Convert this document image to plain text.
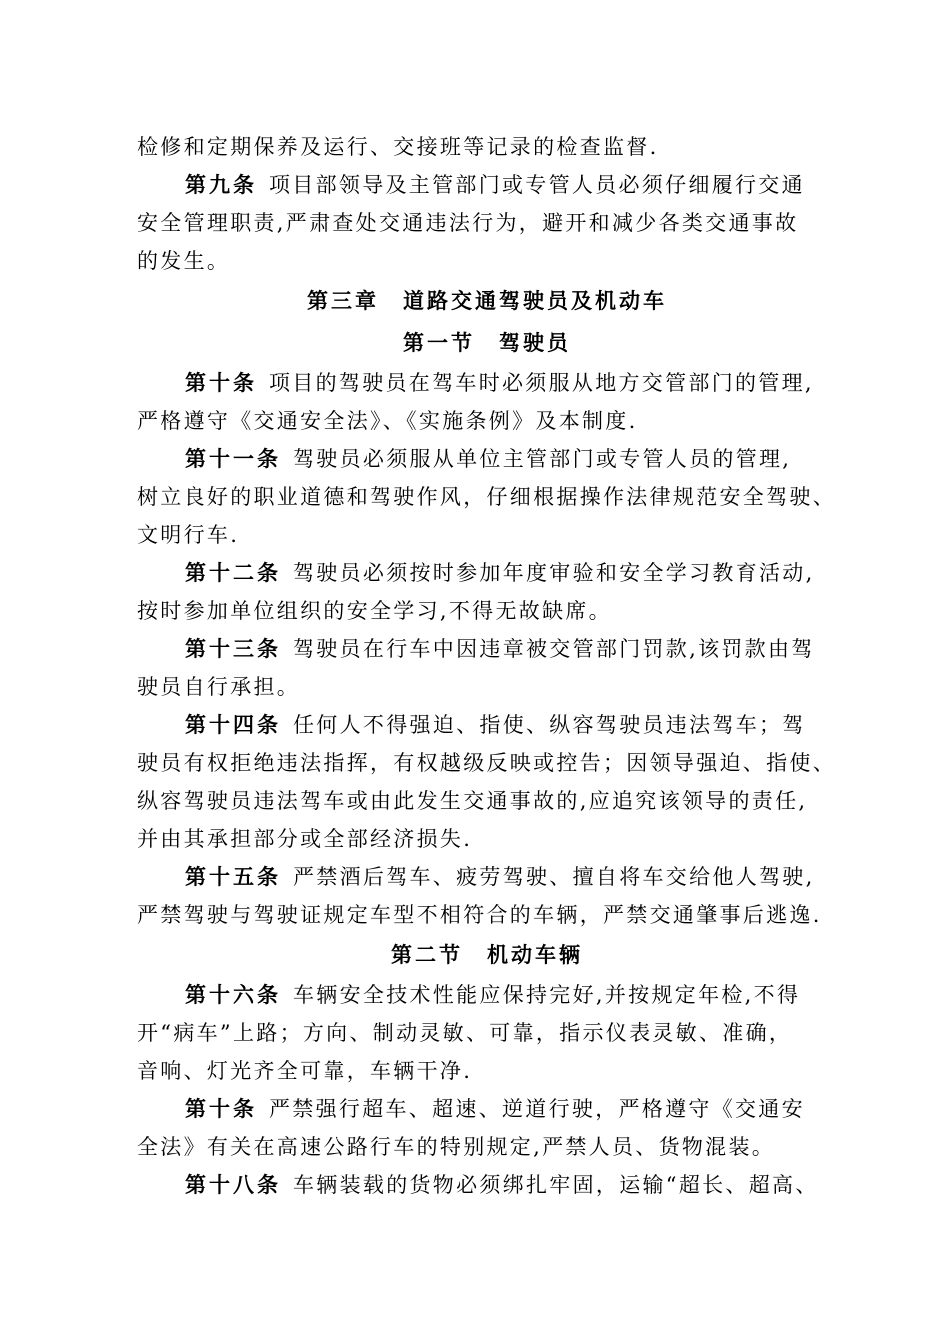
检修和定期保养及运行、交接班等记录的检查监督.
第九条 项目部领导及主管部门或专管人员必须仔细履行交通
安全管理职责,严肃查处交通违法行为，避开和减少各类交通事故
的发生。
第三章　道路交通驾驶员及机动车
第一节　驾驶员
第十条 项目的驾驶员在驾车时必须服从地方交管部门的管理,
严格遵守《交通安全法》、《实施条例》及本制度.
第十一条 驾驶员必须服从单位主管部门或专管人员的管理,
树立良好的职业道德和驾驶作风，仔细根据操作法律规范安全驾驶、
文明行车.
第十二条 驾驶员必须按时参加年度审验和安全学习教育活动,
按时参加单位组织的安全学习,不得无故缺席。
第十三条 驾驶员在行车中因违章被交管部门罚款,该罚款由驾
驶员自行承担。
第十四条 任何人不得强迫、指使、纵容驾驶员违法驾车；驾
驶员有权拒绝违法指挥，有权越级反映或控告；因领导强迫、指使、
纵容驾驶员违法驾车或由此发生交通事故的,应追究该领导的责任,
并由其承担部分或全部经济损失.
第十五条 严禁酒后驾车、疲劳驾驶、擅自将车交给他人驾驶,
严禁驾驶与驾驶证规定车型不相符合的车辆，严禁交通肇事后逃逸.
第二节　机动车辆
第十六条 车辆安全技术性能应保持完好,并按规定年检,不得
开“病车”上路；方向、制动灵敏、可靠，指示仪表灵敏、准确，
音响、灯光齐全可靠，车辆干净.
第十条 严禁强行超车、超速、逆道行驶，严格遵守《交通安
全法》有关在高速公路行车的特别规定,严禁人员、货物混装。
第十八条 车辆装载的货物必须绑扎牢固，运输“超长、超高、
